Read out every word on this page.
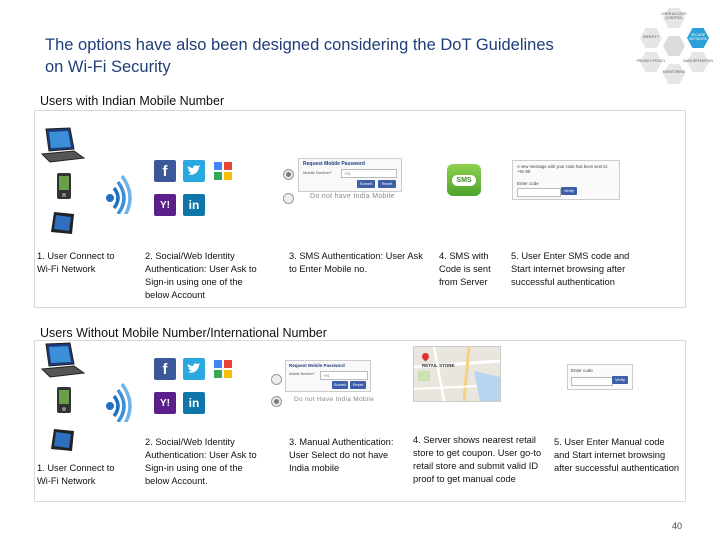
The options have also been designed considering the DoT Guidelines on Wi-Fi Security
USER ACCESS CONTROL
IDENTITY	SECURE NETWORK
PRIVACY POLICY	DATA RETENTION
MONITORING
Users with Indian Mobile Number
f
Y!	in
Request Mobile Password
Mobile Number*	+91
Submit	Reset
Do not have India Mobile
SMS
A new message with your code has been sent to: +91-99
Enter code
Verify
1. User Connect to Wi-Fi Network
2. Social/Web Identity Authentication: User Ask to Sign-in using one of the below Account
3. SMS Authentication: User Ask to Enter Mobile no.
4. SMS with Code is sent from Server
5. User Enter SMS code and Start internet browsing after successful authentication
Users Without Mobile Number/International Number
f
Y!	in
Request Mobile Password
Mobile Number*	+91
Submit	Reset
Do not Have India Mobile
RETAIL STORE
Enter code
Verify
1. User Connect to Wi-Fi Network
2. Social/Web Identity Authentication: User Ask to Sign-in using one of the below Account.
3. Manual Authentication: User Select do not have India mobile
4. Server shows nearest retail store to get coupon. User go-to retail store and submit valid ID proof to get manual code
5. User Enter Manual code and Start internet browsing after successful authentication
40
